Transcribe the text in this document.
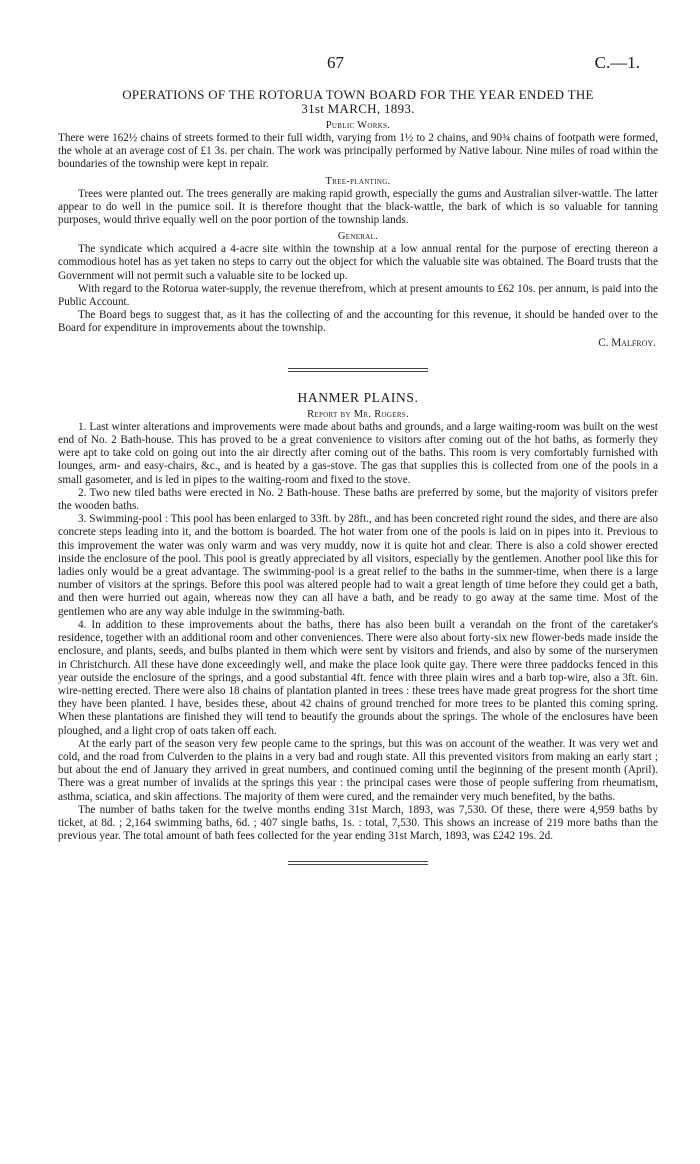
67	C.—1.
OPERATIONS OF THE ROTORUA TOWN BOARD FOR THE YEAR ENDED THE
31st MARCH, 1893.
Public Works.

There were 162½ chains of streets formed to their full width, varying from 1½ to 2 chains, and 90¾ chains of footpath were formed, the whole at an average cost of £1 3s. per chain. The work was principally performed by Native labour. Nine miles of road within the boundaries of the township were kept in repair.

Tree-planting.

Trees were planted out. The trees generally are making rapid growth, especially the gums and Australian silver-wattle. The latter appear to do well in the pumice soil. It is therefore thought that the black-wattle, the bark of which is so valuable for tanning purposes, would thrive equally well on the poor portion of the township lands.

General.

The syndicate which acquired a 4-acre site within the township at a low annual rental for the purpose of erecting thereon a commodious hotel has as yet taken no steps to carry out the object for which the valuable site was obtained. The Board trusts that the Government will not permit such a valuable site to be locked up.

With regard to the Rotorua water-supply, the revenue therefrom, which at present amounts to £62 10s. per annum, is paid into the Public Account.

The Board begs to suggest that, as it has the collecting of and the accounting for this revenue, it should be handed over to the Board for expenditure in improvements about the township.

C. Malfroy.
HANMER PLAINS.
Report by Mr. Rogers.

1. Last winter alterations and improvements were made about baths and grounds, and a large waiting-room was built on the west end of No. 2 Bath-house. This has proved to be a great convenience to visitors after coming out of the hot baths, as formerly they were apt to take cold on going out into the air directly after coming out of the baths. This room is very comfortably furnished with lounges, arm- and easy-chairs, &c., and is heated by a gas-stove. The gas that supplies this is collected from one of the pools in a small gasometer, and is led in pipes to the waiting-room and fixed to the stove.

2. Two new tiled baths were erected in No. 2 Bath-house. These baths are preferred by some, but the majority of visitors prefer the wooden baths.

3. Swimming-pool : This pool has been enlarged to 33ft. by 28ft., and has been concreted right round the sides, and there are also concrete steps leading into it, and the bottom is boarded. The hot water from one of the pools is laid on in pipes into it. Previous to this improvement the water was only warm and was very muddy, now it is quite hot and clear. There is also a cold shower erected inside the enclosure of the pool. This pool is greatly appreciated by all visitors, especially by the gentlemen. Another pool like this for ladies only would be a great advantage. The swimming-pool is a great relief to the baths in the summer-time, when there is a large number of visitors at the springs. Before this pool was altered people had to wait a great length of time before they could get a bath, and then were hurried out again, whereas now they can all have a bath, and be ready to go away at the same time. Most of the gentlemen who are any way able indulge in the swimming-bath.

4. In addition to these improvements about the baths, there has also been built a verandah on the front of the caretaker's residence, together with an additional room and other conveniences. There were also about forty-six new flower-beds made inside the enclosure, and plants, seeds, and bulbs planted in them which were sent by visitors and friends, and also by some of the nurserymen in Christchurch. All these have done exceedingly well, and make the place look quite gay. There were three paddocks fenced in this year outside the enclosure of the springs, and a good substantial 4ft. fence with three plain wires and a barb top-wire, also a 3ft. 6in. wire-netting erected. There were also 18 chains of plantation planted in trees : these trees have made great progress for the short time they have been planted. I have, besides these, about 42 chains of ground trenched for more trees to be planted this coming spring. When these plantations are finished they will tend to beautify the grounds about the springs. The whole of the enclosures have been ploughed, and a light crop of oats taken off each.

At the early part of the season very few people came to the springs, but this was on account of the weather. It was very wet and cold, and the road from Culverden to the plains in a very bad and rough state. All this prevented visitors from making an early start ; but about the end of January they arrived in great numbers, and continued coming until the beginning of the present month (April). There was a great number of invalids at the springs this year : the principal cases were those of people suffering from rheumatism, asthma, sciatica, and skin affections. The majority of them were cured, and the remainder very much benefited, by the baths.

The number of baths taken for the twelve months ending 31st March, 1893, was 7,530. Of these, there were 4,959 baths by ticket, at 8d. ; 2,164 swimming baths, 6d. ; 407 single baths, 1s. : total, 7,530. This shows an increase of 219 more baths than the previous year. The total amount of bath fees collected for the year ending 31st March, 1893, was £242 19s. 2d.
